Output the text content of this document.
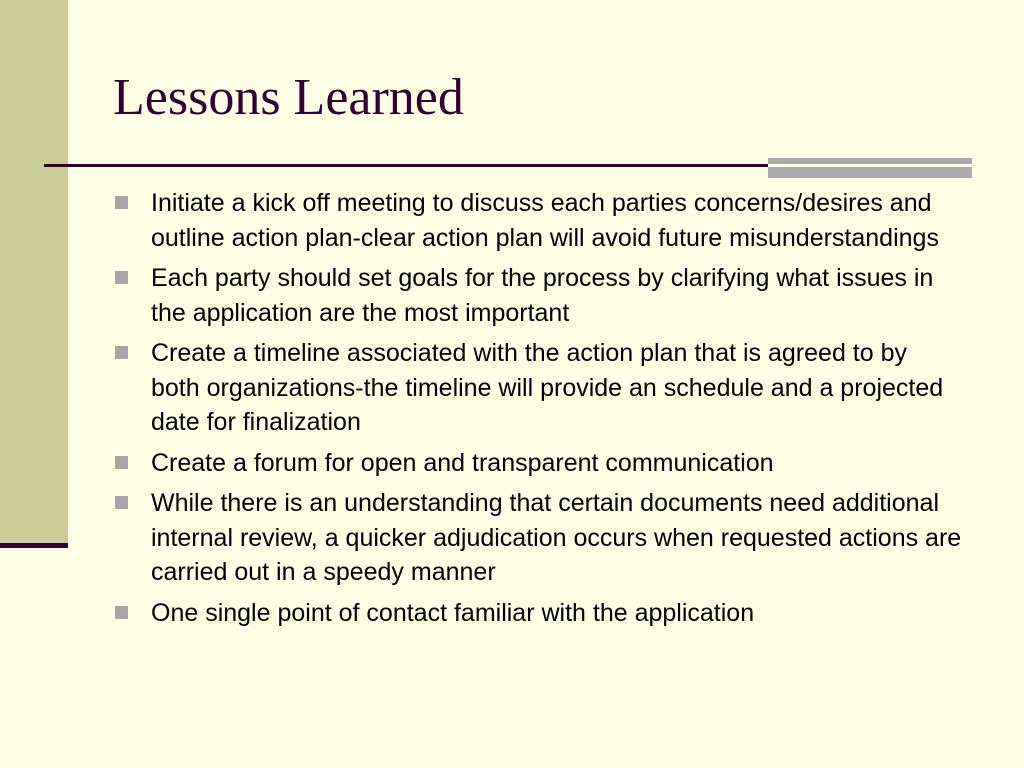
Lessons Learned
Initiate a kick off meeting to discuss each parties concerns/desires and outline action plan-clear action plan will avoid future misunderstandings
Each party should set goals for the process by clarifying what issues in the application are the most important
Create a timeline associated with the action plan that is agreed to by both organizations-the timeline will provide an schedule and a projected date for finalization
Create a forum for open and transparent communication
While there is an understanding that certain documents need additional internal review, a quicker adjudication occurs when requested actions are carried out in a speedy manner
One single point of contact familiar with the application
